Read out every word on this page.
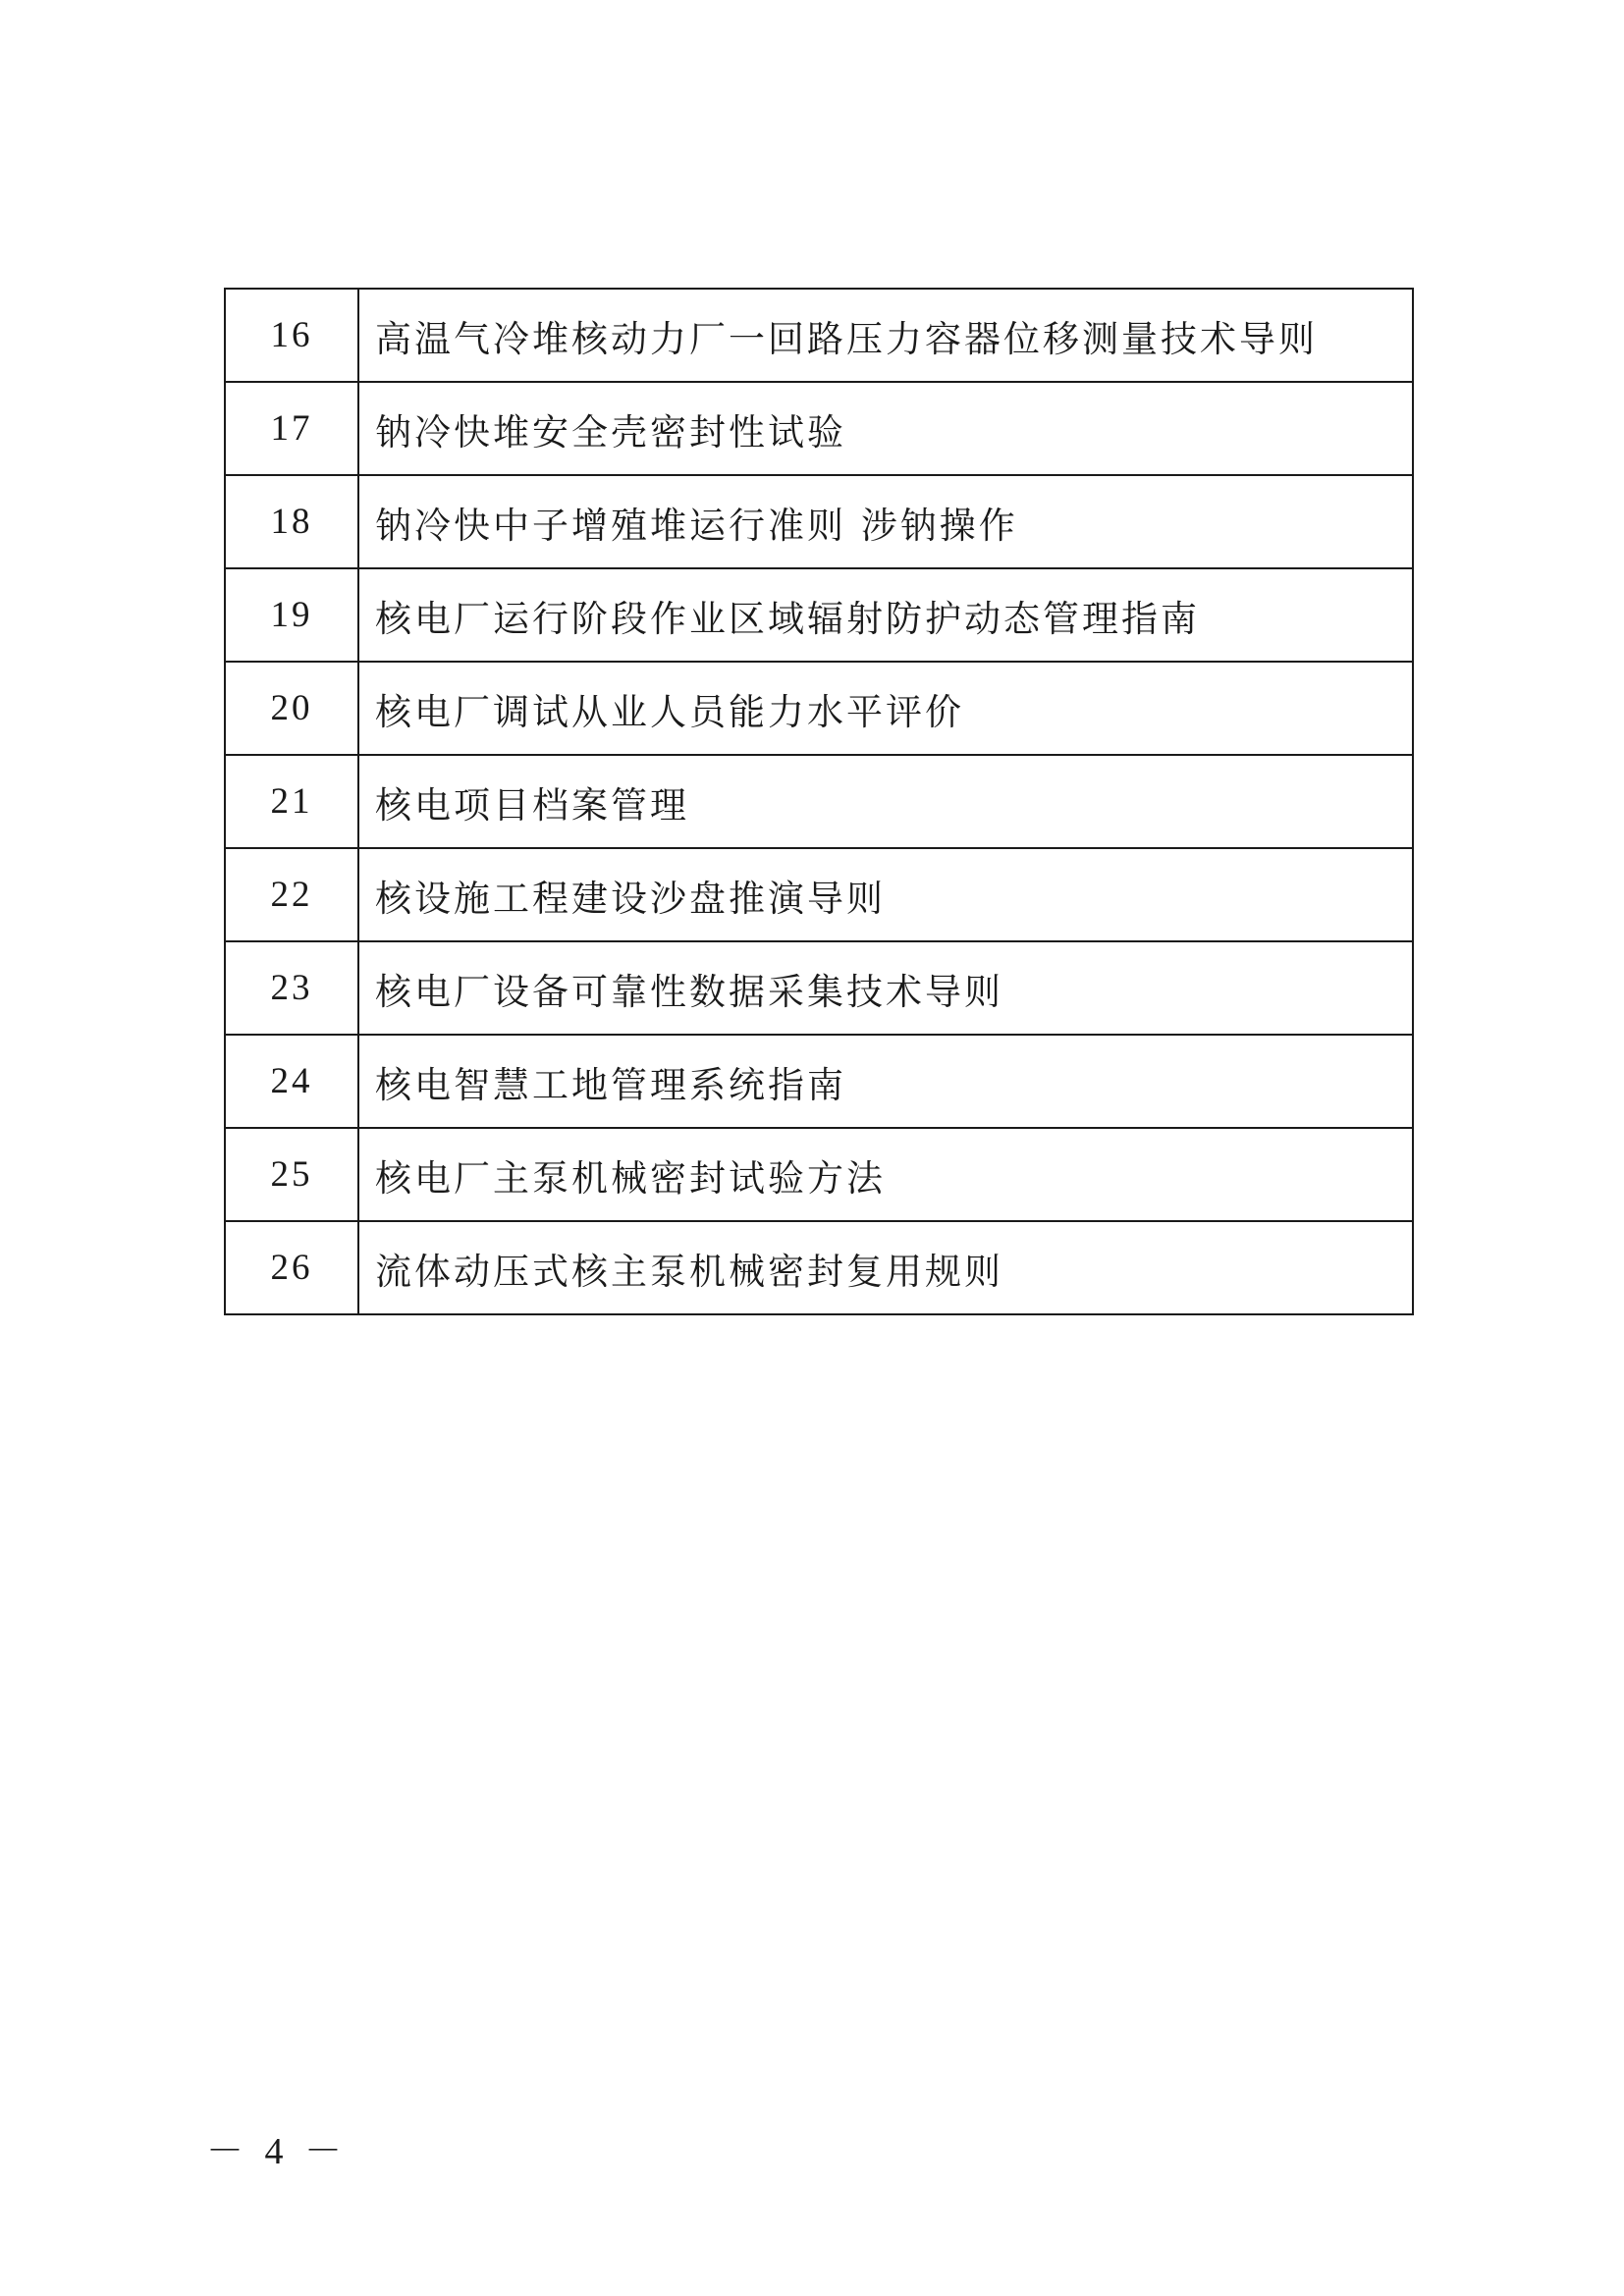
16	高温气冷堆核动力厂一回路压力容器位移测量技术导则
17	钠冷快堆安全壳密封性试验
18	钠冷快中子增殖堆运行准则 涉钠操作
19	核电厂运行阶段作业区域辐射防护动态管理指南
20	核电厂调试从业人员能力水平评价
21	核电项目档案管理
22	核设施工程建设沙盘推演导则
23	核电厂设备可靠性数据采集技术导则
24	核电智慧工地管理系统指南
25	核电厂主泵机械密封试验方法
26	流体动压式核主泵机械密封复用规则
－ 4 －
